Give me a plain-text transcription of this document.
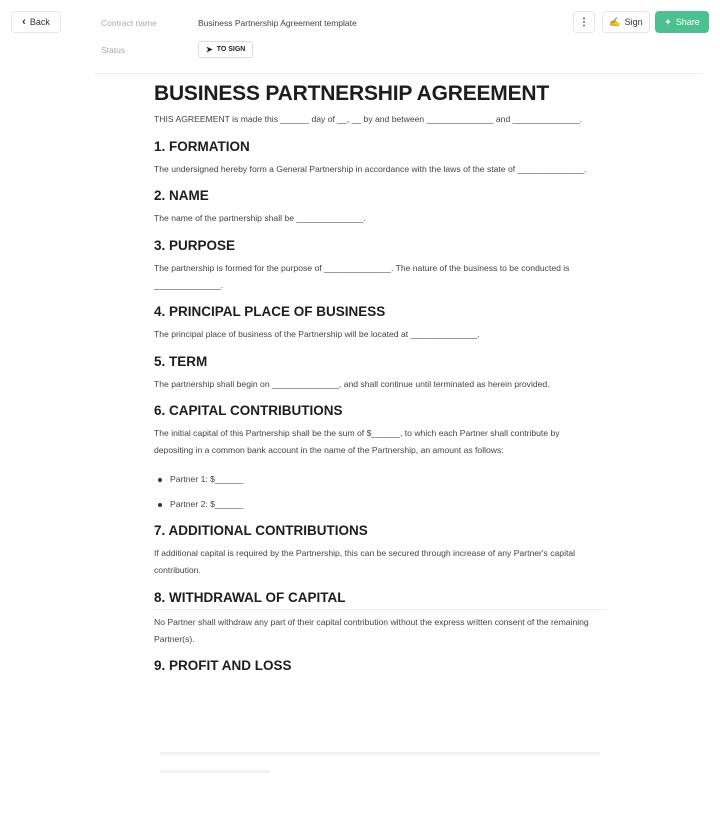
‹ Back	Contract name	Business Partnership Agreement template
Status	➤ TO SIGN
⋮ ✍ Sign ✦ Share
BUSINESS PARTNERSHIP AGREEMENT

THIS AGREEMENT is made this ______ day of __, __ by and between ______________ and ______________.

1. FORMATION

The undersigned hereby form a General Partnership in accordance with the laws of the state of ______________.

2. NAME

The name of the partnership shall be ______________.

3. PURPOSE

The partnership is formed for the purpose of ______________. The nature of the business to be conducted is ______________.

4. PRINCIPAL PLACE OF BUSINESS

The principal place of business of the Partnership will be located at ______________.

5. TERM

The partnership shall begin on ______________, and shall continue until terminated as herein provided.

6. CAPITAL CONTRIBUTIONS

The initial capital of this Partnership shall be the sum of $______, to which each Partner shall contribute by depositing in a common bank account in the name of the Partnership, an amount as follows:

Partner 1: $______
Partner 2: $______
7. ADDITIONAL CONTRIBUTIONS

If additional capital is required by the Partnership, this can be secured through increase of any Partner's capital contribution.

8. WITHDRAWAL OF CAPITAL

No Partner shall withdraw any part of their capital contribution without the express written consent of the remaining Partner(s).

9. PROFIT AND LOSS
